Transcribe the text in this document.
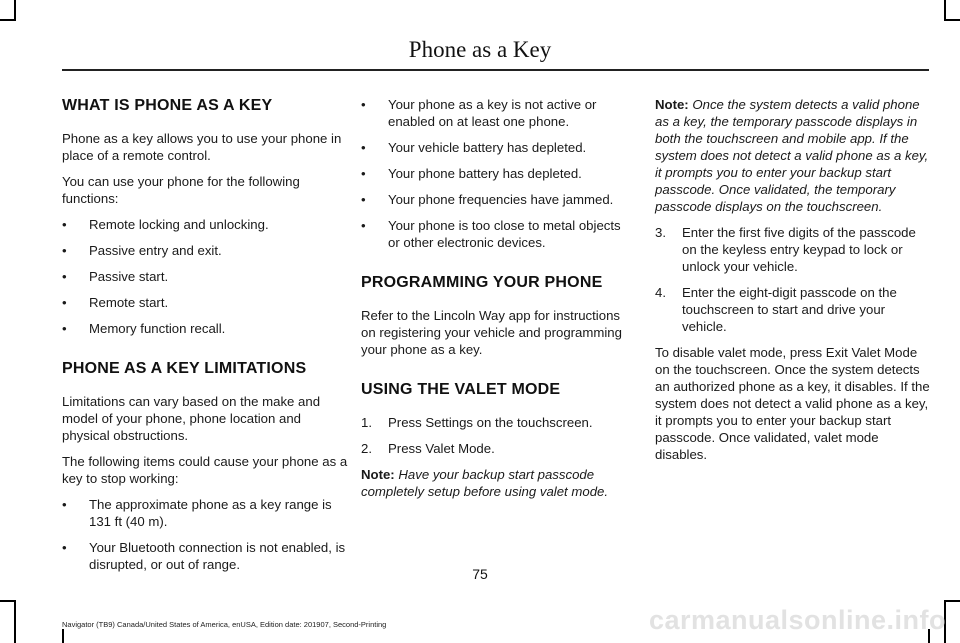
Phone as a Key
WHAT IS PHONE AS A KEY

Phone as a key allows you to use your phone in place of a remote control.

You can use your phone for the following functions:

•	Remote locking and unlocking.
•	Passive entry and exit.
•	Passive start.
•	Remote start.
•	Memory function recall.
PHONE AS A KEY LIMITATIONS

Limitations can vary based on the make and model of your phone, phone location and physical obstructions.

The following items could cause your phone as a key to stop working:

•	The approximate phone as a key range is 131 ft (40 m).
•	Your Bluetooth connection is not enabled, is disrupted, or out of range.
•	Your phone as a key is not active or enabled on at least one phone.
•	Your vehicle battery has depleted.
•	Your phone battery has depleted.
•	Your phone frequencies have jammed.
•	Your phone is too close to metal objects or other electronic devices.
PROGRAMMING YOUR PHONE

Refer to the Lincoln Way app for instructions on registering your vehicle and programming your phone as a key.

USING THE VALET MODE
1.	Press Settings on the touchscreen.
2.	Press Valet Mode.

Note: Have your backup start passcode completely setup before using valet mode.

Note: Once the system detects a valid phone as a key, the temporary passcode displays in both the touchscreen and mobile app. If the system does not detect a valid phone as a key, it prompts you to enter your backup start passcode. Once validated, the temporary passcode displays on the touchscreen.

3.	Enter the first five digits of the passcode on the keyless entry keypad to lock or unlock your vehicle.
4.	Enter the eight-digit passcode on the touchscreen to start and drive your vehicle.

To disable valet mode, press Exit Valet Mode on the touchscreen. Once the system detects an authorized phone as a key, it disables. If the system does not detect a valid phone as a key, it prompts you to enter your backup start passcode. Once validated, valet mode disables.

75
Navigator (TB9) Canada/United States of America, enUSA, Edition date: 201907, Second-Printing	carmanualsonline.info
